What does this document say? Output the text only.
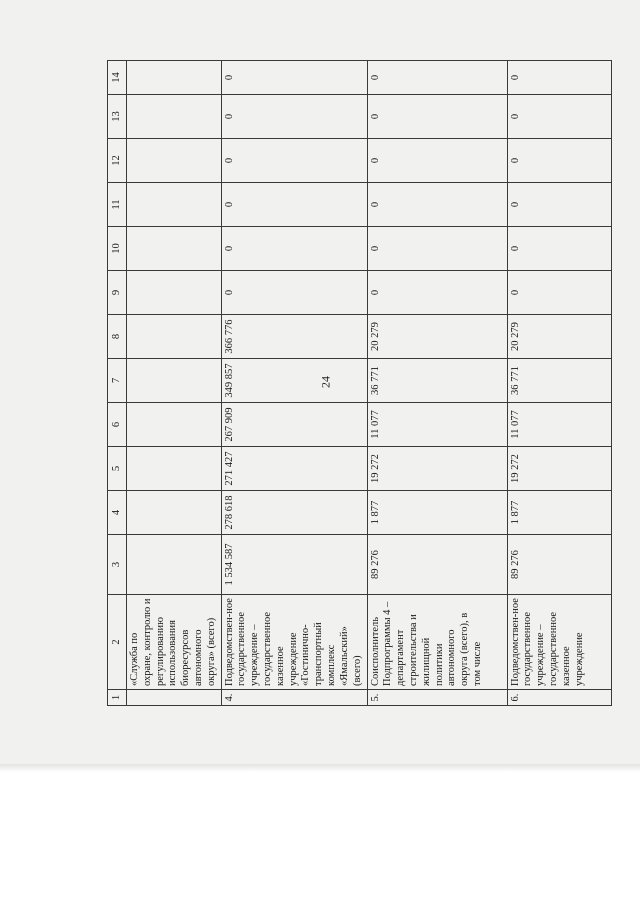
24
1	2	3	4	5	6	7	8	9	10	11	12	13	14
	«Служба по охране, контролю и регулированию использования биоресурсов автономного округа» (всего)												
4.	Подведомствен-ное государственное учреждение – государственное казенное учреждение «Гостинично-транспортный комплекс «Ямальский» (всего)	1 534 587	278 618	271 427	267 909	349 857	366 776	0	0	0	0	0	0
5.	Соисполнитель Подпрограммы 4 – департамент строительства и жилищной политики автономного округа (всего), в том числе	89 276	1 877	19 272	11 077	36 771	20 279	0	0	0	0	0	0
6.	Подведомствен-ное государственное учреждение – государственное казенное учреждение	89 276	1 877	19 272	11 077	36 771	20 279	0	0	0	0	0	0
